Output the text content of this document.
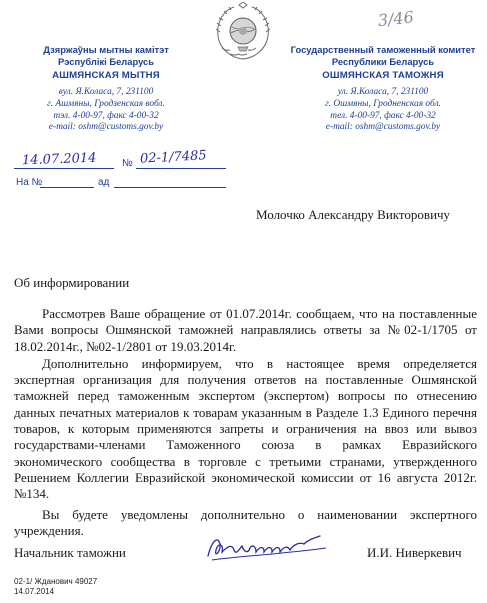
3/46
Дзяржаўны мытны камітэт
Рэспублікі Беларусь
АШМЯНСКАЯ МЫТНЯ
вул. Я.Коласа, 7, 231100
г. Ашмяны, Гродзенская вобл.
тэл. 4-00-97, факс 4-00-32
e-mail: oshm@customs.gov.by
Государственный таможенный комитет
Республики Беларусь
ОШМЯНСКАЯ ТАМОЖНЯ
ул. Я.Коласа, 7, 231100
г. Ошмяны, Гродненская обл.
тел. 4-00-97, факс 4-00-32
e-mail: oshm@customs.gov.by
14.07.2014	№ 02-1/7485
На №	ад
Молочко Александру Викторовичу
Об информировании
Рассмотрев Ваше обращение от 01.07.2014г. сообщаем, что на поставленные Вами вопросы Ошмянской таможней направлялись ответы за №02-1/1705 от 18.02.2014г., №02-1/2801 от 19.03.2014г.
Дополнительно информируем, что в настоящее время определяется экспертная организация для получения ответов на поставленные Ошмянской таможней перед таможенным экспертом (экспертом) вопросы по отнесению данных печатных материалов к товарам указанным в Разделе 1.3 Единого перечня товаров, к которым применяются запреты и ограничения на ввоз или вывоз государствами-членами Таможенного союза в рамках Евразийского экономического сообщества в торговле с третьими странами, утвержденного Решением Коллегии Евразийской экономической комиссии от 16 августа 2012г. №134.
Вы будете уведомлены дополнительно о наименовании экспертного учреждения.
Начальник таможни	И.И. Ниверкевич
02-1/ Жданович 49027
14.07.2014
